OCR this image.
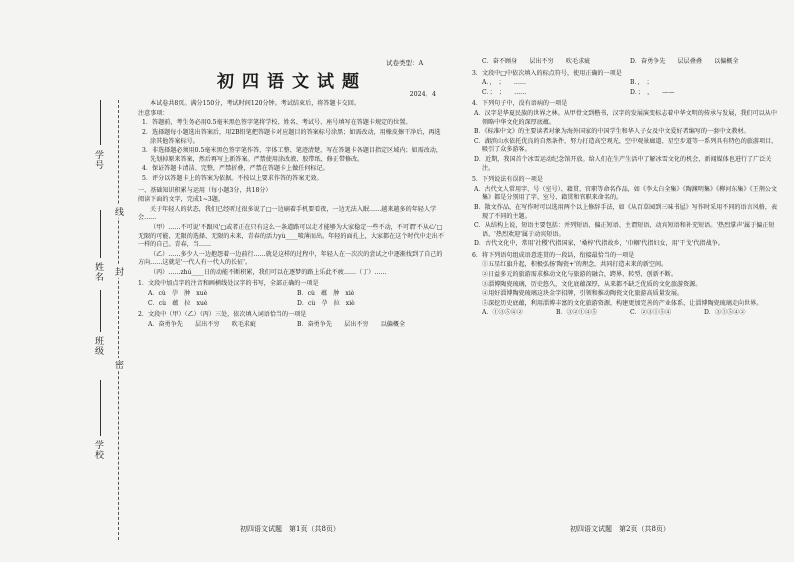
学号
姓名
班级
学校
线
封
密
试卷类型：A
初四语文试题
2024．4
本试卷共8页。满分150分，考试时间120分钟。考试结束后，将答题卡交回。
注意事项：
1．答题前，考生务必用0.5毫米黑色签字笔将学校、姓名、考试号、座号填写在答题卡规定的位置。
2．选择题每小题选出答案后，用2B铅笔把答题卡对应题目的答案标号涂黑；如需改动，用橡皮擦干净后，再选涂其他答案标号。
3．非选择题必须用0.5毫米黑色签字笔作答，字体工整、笔迹清楚，写在答题卡各题目指定区域内；如需改动，先划掉原来答案，然后再写上新答案。严禁使用涂改液、胶带纸、修正带修改。
4．保证答题卡清洁、完整，严禁折叠，严禁在答题卡上做任何标记。
5．评分以答题卡上的答案为依据。不按以上要求作答的答案无效。
一、基础知识积累与运用（每小题3分，共18分）
阅读下面的文字，完成1~3题。
关于年轻人的状态，我们已经听过很多说了□一边刷着手机要看夜，一边无法入眠……越来越多的年轻人学会……
（甲）……不可说'不跟风'□或者正在只有这么一条道路可以走才能够为大家稳定一些不动，不可谓'不从心'□无限的可能、无限的选择、无限的未来，青春的活力yù____喷薄而出。年轻的面孔上，大家都在这个时代中走出不一样的自己。青春，当……
（乙）……多少人一边抱怨着一边前行……就是这样的过程中，年轻人在一次次的尝试之中逐渐找到了自己的方向……这就是'一代人有一代人的长征'。
（丙）……zhú____日的动能不断积累，我们可以在逐梦的路上乐此不疲……（丁）……
1．文段中加点字的注音和画横线处汉字的书写，全部正确的一项是
A．cù　孕　肿　xuè	B．cù　蕴　肿　xiè
C．cù　蕴　拉　xuè	D．cù　孕　拉　xiè
2．文段中（甲）（乙）（丙）三处，依次填入词语恰当的一项是
A．奋勇争先　　层出不穷　　吹毛求疵	B．奋勇争先　　层出不穷　　以偏概全
初四语文试题　第1页（共8页）
C．奋不顾身　　层出不穷　　吹毛求疵	D．奋勇争先　　层层叠叠　　以偏概全
3．文段中□中依次填入的标点符号，使用正确的一项是
A．，　；　　……	B．，　；
C．；　；　　……	D．；　，　　——
4．下列句子中，没有语病的一项是
A．汉字是华夏民族的世界之林。从甲骨文到楷书，汉字的发展演变标志着中华文明的传承与发展，我们可以从中领略中华文化的深厚底蕴。
B．《标准中文》的主要读者对象为海外国家的中国学生和华人子女及中文爱好者编写的一套中文教材。
C．湖滨山水依托优良的自然条件，努力打造高空观光，空中观景廊道、星空步道等一系列具有特色的旅游项目，吸引了众多游客。
D．近期，我国首个冰雪运动纪念馆开放。给人们在生产生活中了解冰雪文化的机会，新闻媒体也进行了广泛关注。
5．下列说法有误的一项是
A．古代文人常用字、号（室号）、籍贯、官职等命名作品，如《李太白全集》《陶渊明集》《柳河东集》《王荆公文集》都是分别用了字、室号、籍贯和官职来命名的。
B．散文作品，在写作时可以选用两个以上修辞手法，如《从百草园到三味书屋》写作时采用不同的语言风格，表现了不同的主题。
C．从结构上说，短语主要包括：并列短语、偏正短语、主谓短语、动宾短语和补充短语。'热烈掌声'属于偏正短语，'热烈欢迎'属于动宾短语。
D．古代文化中，常用'社稷'代指国家，'桑梓'代指故乡，'巾帼'代指妇女，用'干戈'代指战争。
6．将下列语句组成语意连贯的一段话，衔接最恰当的一项是
①五星红旗升起，积极弘扬'陶瓷+'的理念，共同打造未来的新空间。
②日益多元的旅游需求推动文化与旅游的融合，跨界、转型、创新不断。
③淄博陶瓷琉璃，历史悠久，文化底蕴深厚，从来都不缺乏优质的文化旅游资源。
④用好淄博陶瓷琉璃这块金字招牌，引领和推动陶瓷文化旅游高质量发展。
⑤深挖历史底蕴，利用淄博丰富的文化旅游资源，构建更加完善的产业体系，让淄博陶瓷琉璃走向世界。
A．①③⑤④②	B．③②①④⑤	C．②③①⑤④	D．③①⑤④②
初四语文试题　第2页（共8页）
